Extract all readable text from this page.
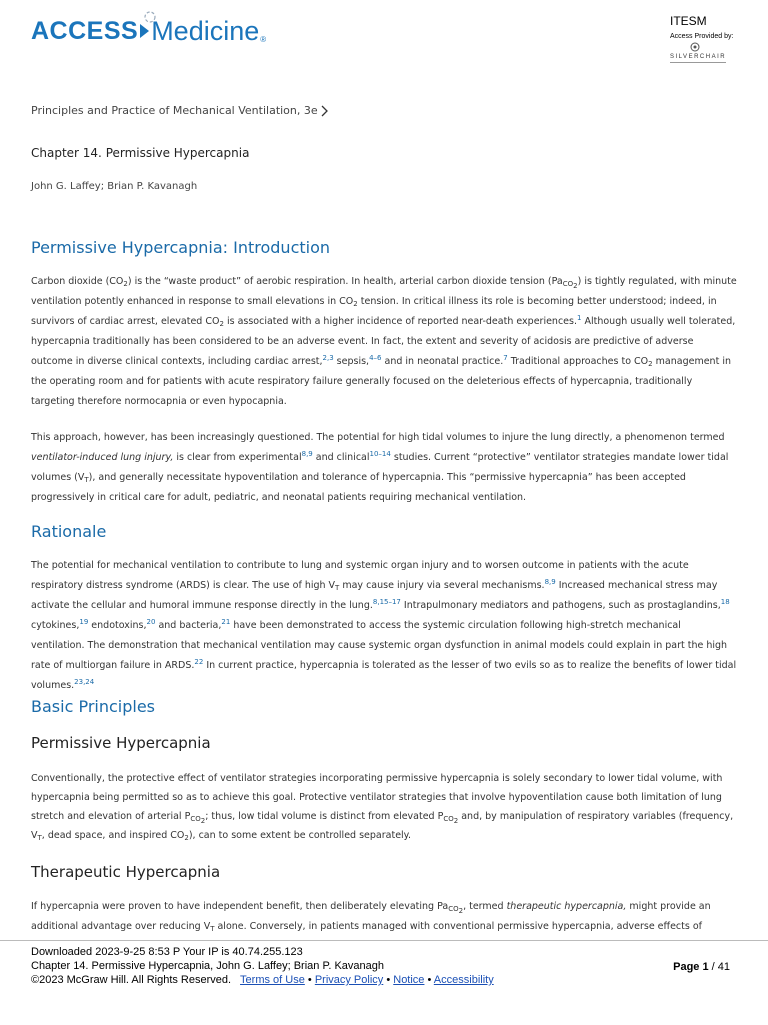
ACCESS Medicine ®
ITESM
Access Provided by:
SILVERCHAIR
Principles and Practice of Mechanical Ventilation, 3e
Chapter 14. Permissive Hypercapnia
John G. Laffey; Brian P. Kavanagh
Permissive Hypercapnia: Introduction

Carbon dioxide $(CO_2)$ is the “waste product” of aerobic respiration. In health, arterial carbon dioxide tension $(Pa_{CO_2})$ is tightly regulated, with minute ventilation potently enhanced in response to small elevations in $CO_2$ tension. In critical illness its role is becoming better understood; indeed, in survivors of cardiac arrest, elevated $CO_2$ is associated with a higher incidence of reported near-death experiences.$^1$ Although usually well tolerated, hypercapnia traditionally has been considered to be an adverse event. In fact, the extent and severity of acidosis are predictive of adverse outcome in diverse clinical contexts, including cardiac arrest,$^{2,3}$ sepsis,$^{4-6}$ and in neonatal practice.$^7$ Traditional approaches to $CO_2$ management in the operating room and for patients with acute respiratory failure generally focused on the deleterious effects of hypercapnia, traditionally targeting therefore normocapnia or even hypocapnia.

This approach, however, has been increasingly questioned. The potential for high tidal volumes to injure the lung directly, a phenomenon termed ventilator-induced lung injury, is clear from experimental$^{8,9}$ and clinical$^{10-14}$ studies. Current “protective” ventilator strategies mandate lower tidal volumes $(V_T)$, and generally necessitate hypoventilation and tolerance of hypercapnia. This “permissive hypercapnia” has been accepted progressively in critical care for adult, pediatric, and neonatal patients requiring mechanical ventilation.

Rationale

The potential for mechanical ventilation to contribute to lung and systemic organ injury and to worsen outcome in patients with the acute respiratory distress syndrome (ARDS) is clear. The use of high $V_T$ may cause injury via several mechanisms.$^{8,9}$ Increased mechanical stress may activate the cellular and humoral immune response directly in the lung.$^{8,15-17}$ Intrapulmonary mediators and pathogens, such as prostaglandins,$^{18}$ cytokines,$^{19}$ endotoxins,$^{20}$ and bacteria,$^{21}$ have been demonstrated to access the systemic circulation following high-stretch mechanical ventilation. The demonstration that mechanical ventilation may cause systemic organ dysfunction in animal models could explain in part the high rate of multiorgan failure in ARDS.$^{22}$ In current practice, hypercapnia is tolerated as the lesser of two evils so as to realize the benefits of lower tidal volumes.$^{23,24}$

Basic Principles
Permissive Hypercapnia

Conventionally, the protective effect of ventilator strategies incorporating permissive hypercapnia is solely secondary to lower tidal volume, with hypercapnia being permitted so as to achieve this goal. Protective ventilator strategies that involve hypoventilation cause both limitation of lung stretch and elevation of arterial $P_{CO_2}$; thus, low tidal volume is distinct from elevated $P_{CO_2}$ and, by manipulation of respiratory variables (frequency, $V_T$, dead space, and inspired $CO_2$), can to some extent be controlled separately.

Therapeutic Hypercapnia

If hypercapnia were proven to have independent benefit, then deliberately elevating $Pa_{CO_2}$, termed therapeutic hypercapnia, might provide an additional advantage over reducing $V_T$ alone. Conversely, in patients managed with conventional permissive hypercapnia, adverse effects of

Downloaded 2023-9-25 8:53 P Your IP is 40.74.255.123
Chapter 14. Permissive Hypercapnia, John G. Laffey; Brian P. Kavanagh
©2023 McGraw Hill. All Rights Reserved. Terms of Use • Privacy Policy • Notice • Accessibility
Page 1 / 41
